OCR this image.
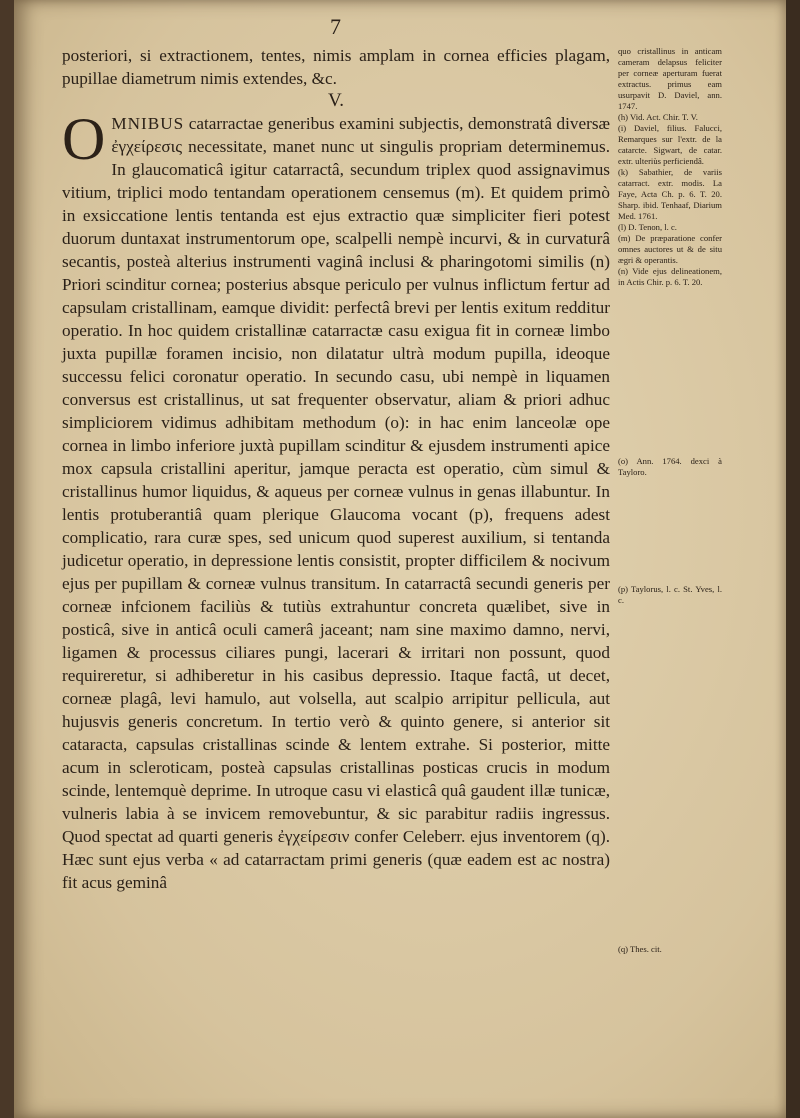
7

posteriori, si extractionem, tentes, nimis amplam in cornea efficies plagam, pupillae diametrum nimis extendes, &c.

V.

OMNIBUS catarractae generibus examini subjectis, demonstratâ diversæ ἐγχείρεσις necessitate, manet nunc ut singulis propriam determinemus. In glaucomaticâ igitur catarractâ, secundum triplex quod assignavimus vitium, triplici modo tentandam operationem censemus (m). Et quidem primò in exsiccatione lentis tentanda est ejus extractio quæ simpliciter fieri potest duorum duntaxat instrumentorum ope, scalpelli nempè incurvi, & in curvaturâ secantis, posteà alterius instrumenti vaginâ inclusi & pharingotomi similis (n) Priori scinditur cornea; posterius absque periculo per vulnus inflictum fertur ad capsulam cristallinam, eamque dividit: perfectâ brevi per lentis exitum redditur operatio. In hoc quidem cristallinæ catarractæ casu exigua fit in corneæ limbo juxta pupillæ foramen incisio, non dilatatur ultrà modum pupilla, ideoque successu felici coronatur operatio. In secundo casu, ubi nempè in liquamen conversus est cristallinus, ut sat frequenter observatur, aliam & priori adhuc simpliciorem vidimus adhibitam methodum (o): in hac enim lanceolæ ope cornea in limbo inferiore juxtà pupillam scinditur & ejusdem instrumenti apice mox capsula cristallini aperitur, jamque peracta est operatio, cùm simul & cristallinus humor liquidus, & aqueus per corneæ vulnus in genas illabuntur. In lentis protuberantiâ quam plerique Glaucoma vocant (p), frequens adest complicatio, rara curæ spes, sed unicum quod superest auxilium, si tentanda judicetur operatio, in depressione lentis consistit, propter difficilem & nocivum ejus per pupillam & corneæ vulnus transitum. In catarractâ secundi generis per corneæ infcionem faciliùs & tutiùs extrahuntur concreta quælibet, sive in posticâ, sive in anticâ oculi camerâ jaceant; nam sine maximo damno, nervi, ligamen & processus ciliares pungi, lacerari & irritari non possunt, quod requireretur, si adhiberetur in his casibus depressio. Itaque factâ, ut decet, corneæ plagâ, levi hamulo, aut volsella, aut scalpio arripitur pellicula, aut hujusvis generis concretum. In tertio verò & quinto genere, si anterior sit cataracta, capsulas cristallinas scinde & lentem extrahe. Si posterior, mitte acum in scleroticam, posteà capsulas cristallinas posticas crucis in modum scinde, lentemquè deprime. In utroque casu vi elasticâ quâ gaudent illæ tunicæ, vulneris labia à se invicem removebuntur, & sic parabitur radiis ingressus. Quod spectat ad quarti generis ἐγχείρεσιν confer Celeberr. ejus inventorem (q). Hæc sunt ejus verba « ad catarractam primi generis (quæ eadem est ac nostra) fit acus geminâ

quo cristallinus in anticam cameram delapsus feliciter per corneæ aperturam fuerat extractus. primus eam usurpavit D. Daviel, ann. 1747.
(h) Vid. Act. Chir. T. V.
(i) Daviel, filius. Falucci, Remarques sur l'extr. de la catarcte. Sigwart, de catar. extr. ulteriùs perficiendâ.
(k) Sabathier, de variis catarract. extr. modis. La Faye, Acta Ch. p. 6. T. 20. Sharp. ibid. Tenhaaf, Diarium Med. 1761.
(l) D. Tenon, l. c.
(m) De præparatione confer omnes auctores ut & de situ ægri & operantis.
(n) Vide ejus delineationem, in Actis Chir. p. 6. T. 20.
(o) Ann. 1764. dexci à Tayloro.
(p) Taylorus, l. c. St. Yves, l. c.
(q) Thes. cit.
